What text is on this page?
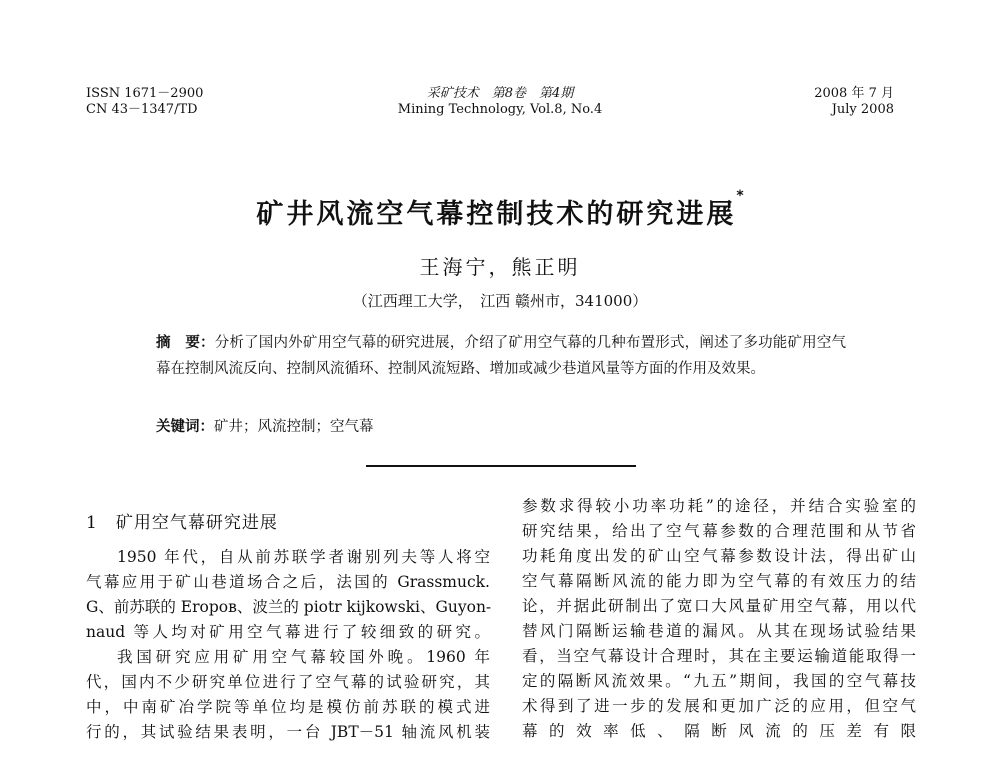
ISSN 1671－2900
CN 43－1347/TD
采矿技术　第8卷　第4期
Mining Technology, Vol.8, No.4
2008 年 7 月
July 2008
矿井风流空气幕控制技术的研究进展*
王海宁，熊正明
（江西理工大学，　江西 赣州市，341000）
摘　要：分析了国内外矿用空气幕的研究进展，介绍了矿用空气幕的几种布置形式，阐述了多功能矿用空气幕在控制风流反向、控制风流循环、控制风流短路、增加或减少巷道风量等方面的作用及效果。
关键词：矿井；风流控制；空气幕
1 矿用空气幕研究进展
1950 年代，自从前苏联学者谢别列夫等人将空
气幕应用于矿山巷道场合之后，法国的 Grassmuck.
G、前苏联的 Eropов、波兰的 piotr kijkowski、Guyon-
naud 等人均对矿用空气幕进行了较细致的研究。
我国研究应用矿用空气幕较国外晚。1960 年
代，国内不少研究单位进行了空气幕的试验研究，其
中，中南矿冶学院等单位均是模仿前苏联的模式进
行的，其试验结果表明，一台 JBT－51 轴流风机装
参数求得较小功率功耗”的途径，并结合实验室的
研究结果，给出了空气幕参数的合理范围和从节省
功耗角度出发的矿山空气幕参数设计法，得出矿山
空气幕隔断风流的能力即为空气幕的有效压力的结
论，并据此研制出了宽口大风量矿用空气幕，用以代
替风门隔断运输巷道的漏风。从其在现场试验结果
看，当空气幕设计合理时，其在主要运输道能取得一
定的隔断风流效果。“九五”期间，我国的空气幕技
术得到了进一步的发展和更加广泛的应用，但空气
幕的效率低、隔断风流的压差有限
